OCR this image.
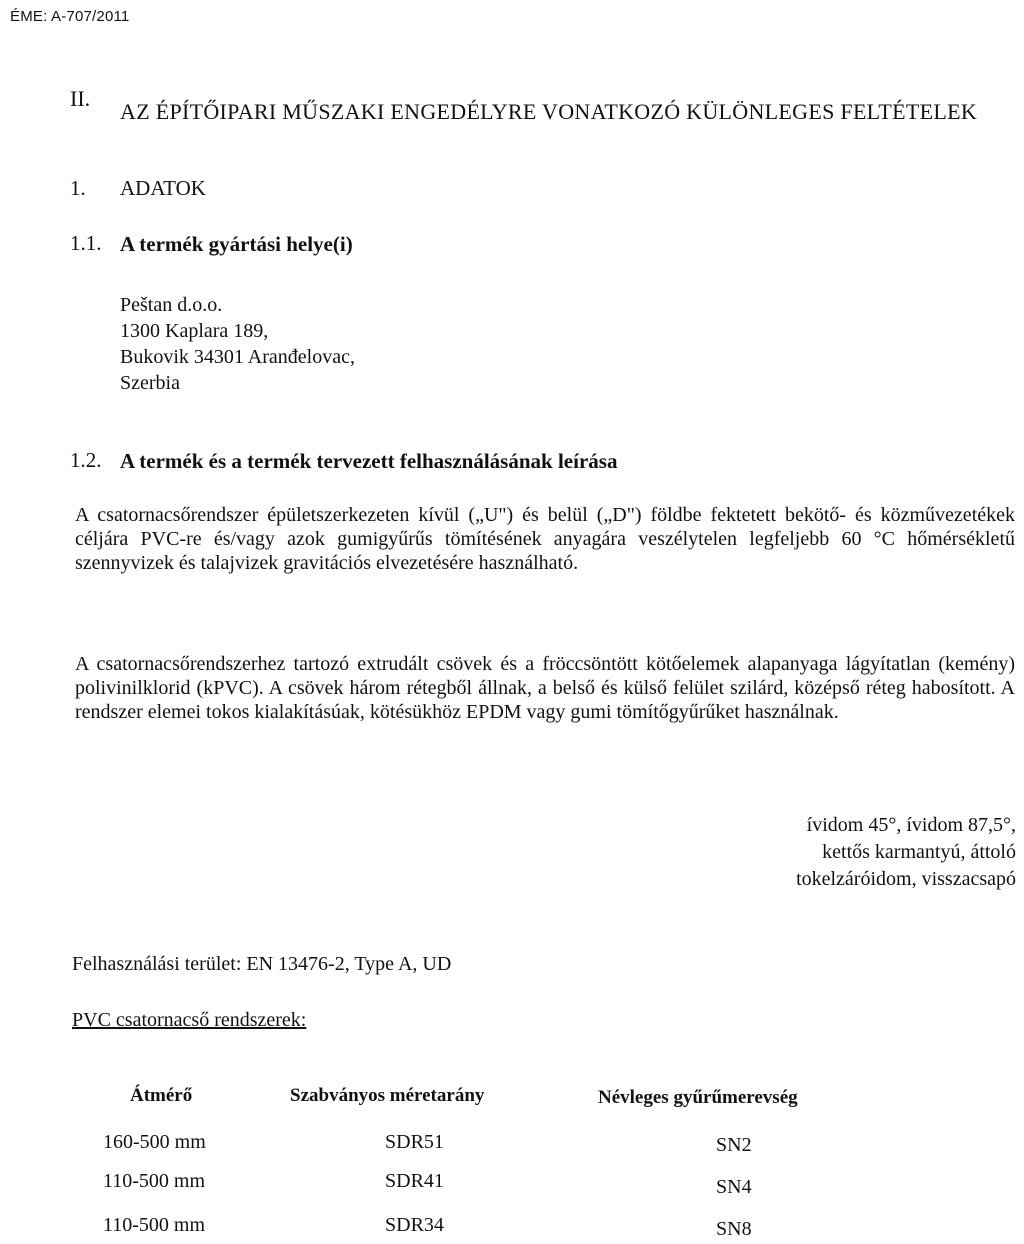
ÉME: A-707/2011
II.
AZ ÉPÍTŐIPARI MŰSZAKI ENGEDÉLYRE VONATKOZÓ KÜLÖNLEGES FELTÉTELEK
1. ADATOK
1.1. A termék gyártási helye(i)
Peštan d.o.o.
1300 Kaplara 189,
Bukovik 34301 Aranđelovac,
Szerbia
1.2. A termék és a termék tervezett felhasználásának leírása

A csatornacsőrendszer épületszerkezeten kívül („U") és belül („D") földbe fektetett bekötő- és közművezetékek céljára PVC-re és/vagy azok gumigyűrűs tömítésének anyagára veszélytelen legfeljebb 60 °C hőmérsékletű szennyvizek és talajvizek gravitációs elvezetésére használható.

A csatornacsőrendszerhez tartozó extrudált csövek és a fröccsöntött kötőelemek alapanyaga lágyítatlan (kemény) polivinilklorid (kPVC). A csövek három rétegből állnak, a belső és külső felület szilárd, középső réteg habosított. A rendszer elemei tokos kialakításúak, kötésükhöz EPDM vagy gumi tömítőgyűrűket használnak.

ívidom 45°, ívidom 87,5°,
kettős karmantyú, áttoló
tokelzáróidom, visszacsapó
Felhasználási terület: EN 13476-2, Type A, UD
PVC csatornacső rendszerek:
Átmérő	Szabványos méretarány	Névleges gyűrűmerevség
160-500 mm	SDR51	SN2
110-500 mm	SDR41	SN4
110-500 mm	SDR34	SN8
